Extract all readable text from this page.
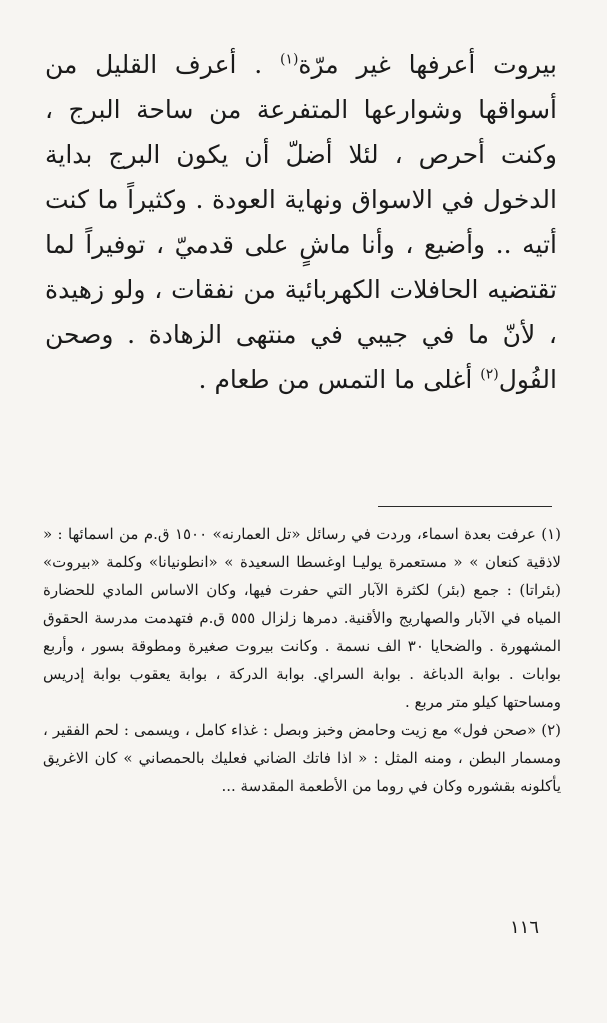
بيروت أعرفها غير مرّة$^{(١)}$ . أعرف القليل من أسواقها وشوارعها المتفرعة من ساحة البرج ، وكنت أحرص ، لئلا أضلّ أن يكون البرج بداية الدخول في الاسواق ونهاية العودة . وكثيراً ما كنت أتيه .. وأضيع ، وأنا ماشٍ على قدميّ ، توفيراً لما تقتضيه الحافلات الكهربائية من نفقات ، ولو زهيدة ، لأنّ ما في جيبي في منتهى الزهادة . وصحن الفُول$^{(٢)}$ أغلى ما التمس من طعام .

(١) عرفت بعدة اسماء، وردت في رسائل «تل العمارنه» ١٥٠٠ ق.م من اسمائها : « لاذقية كنعان » « مستعمرة يوليـا اوغسطا السعيدة » «انطونيانا» وكلمة «بيروت» (بئراتا) : جمع (بئر) لكثرة الآبار التي حفرت فيها، وكان الاساس المادي للحضارة المياه في الآبار والصهاريج والأقنية. دمرها زلزال ٥٥٥ ق.م فتهدمت مدرسة الحقوق المشهورة . والضحايا ٣٠ الف نسمة . وكانت بيروت صغيرة ومطوقة بسور ، وأربع بوابات . بوابة الدباغة . بوابة السراي. بوابة الدركة ، بوابة يعقوب بوابة إدريس ومساحتها كيلو متر مربع .

(٢) «صحن فول» مع زيت وحامض وخبز وبصل : غذاء كامل ، ويسمى : لحم الفقير ، ومسمار البطن ، ومنه المثل : « اذا فاتك الضاني فعليك بالحمصاني » كان الاغريق يأكلونه بقشوره وكان في روما من الأطعمة المقدسة ...

١١٦
